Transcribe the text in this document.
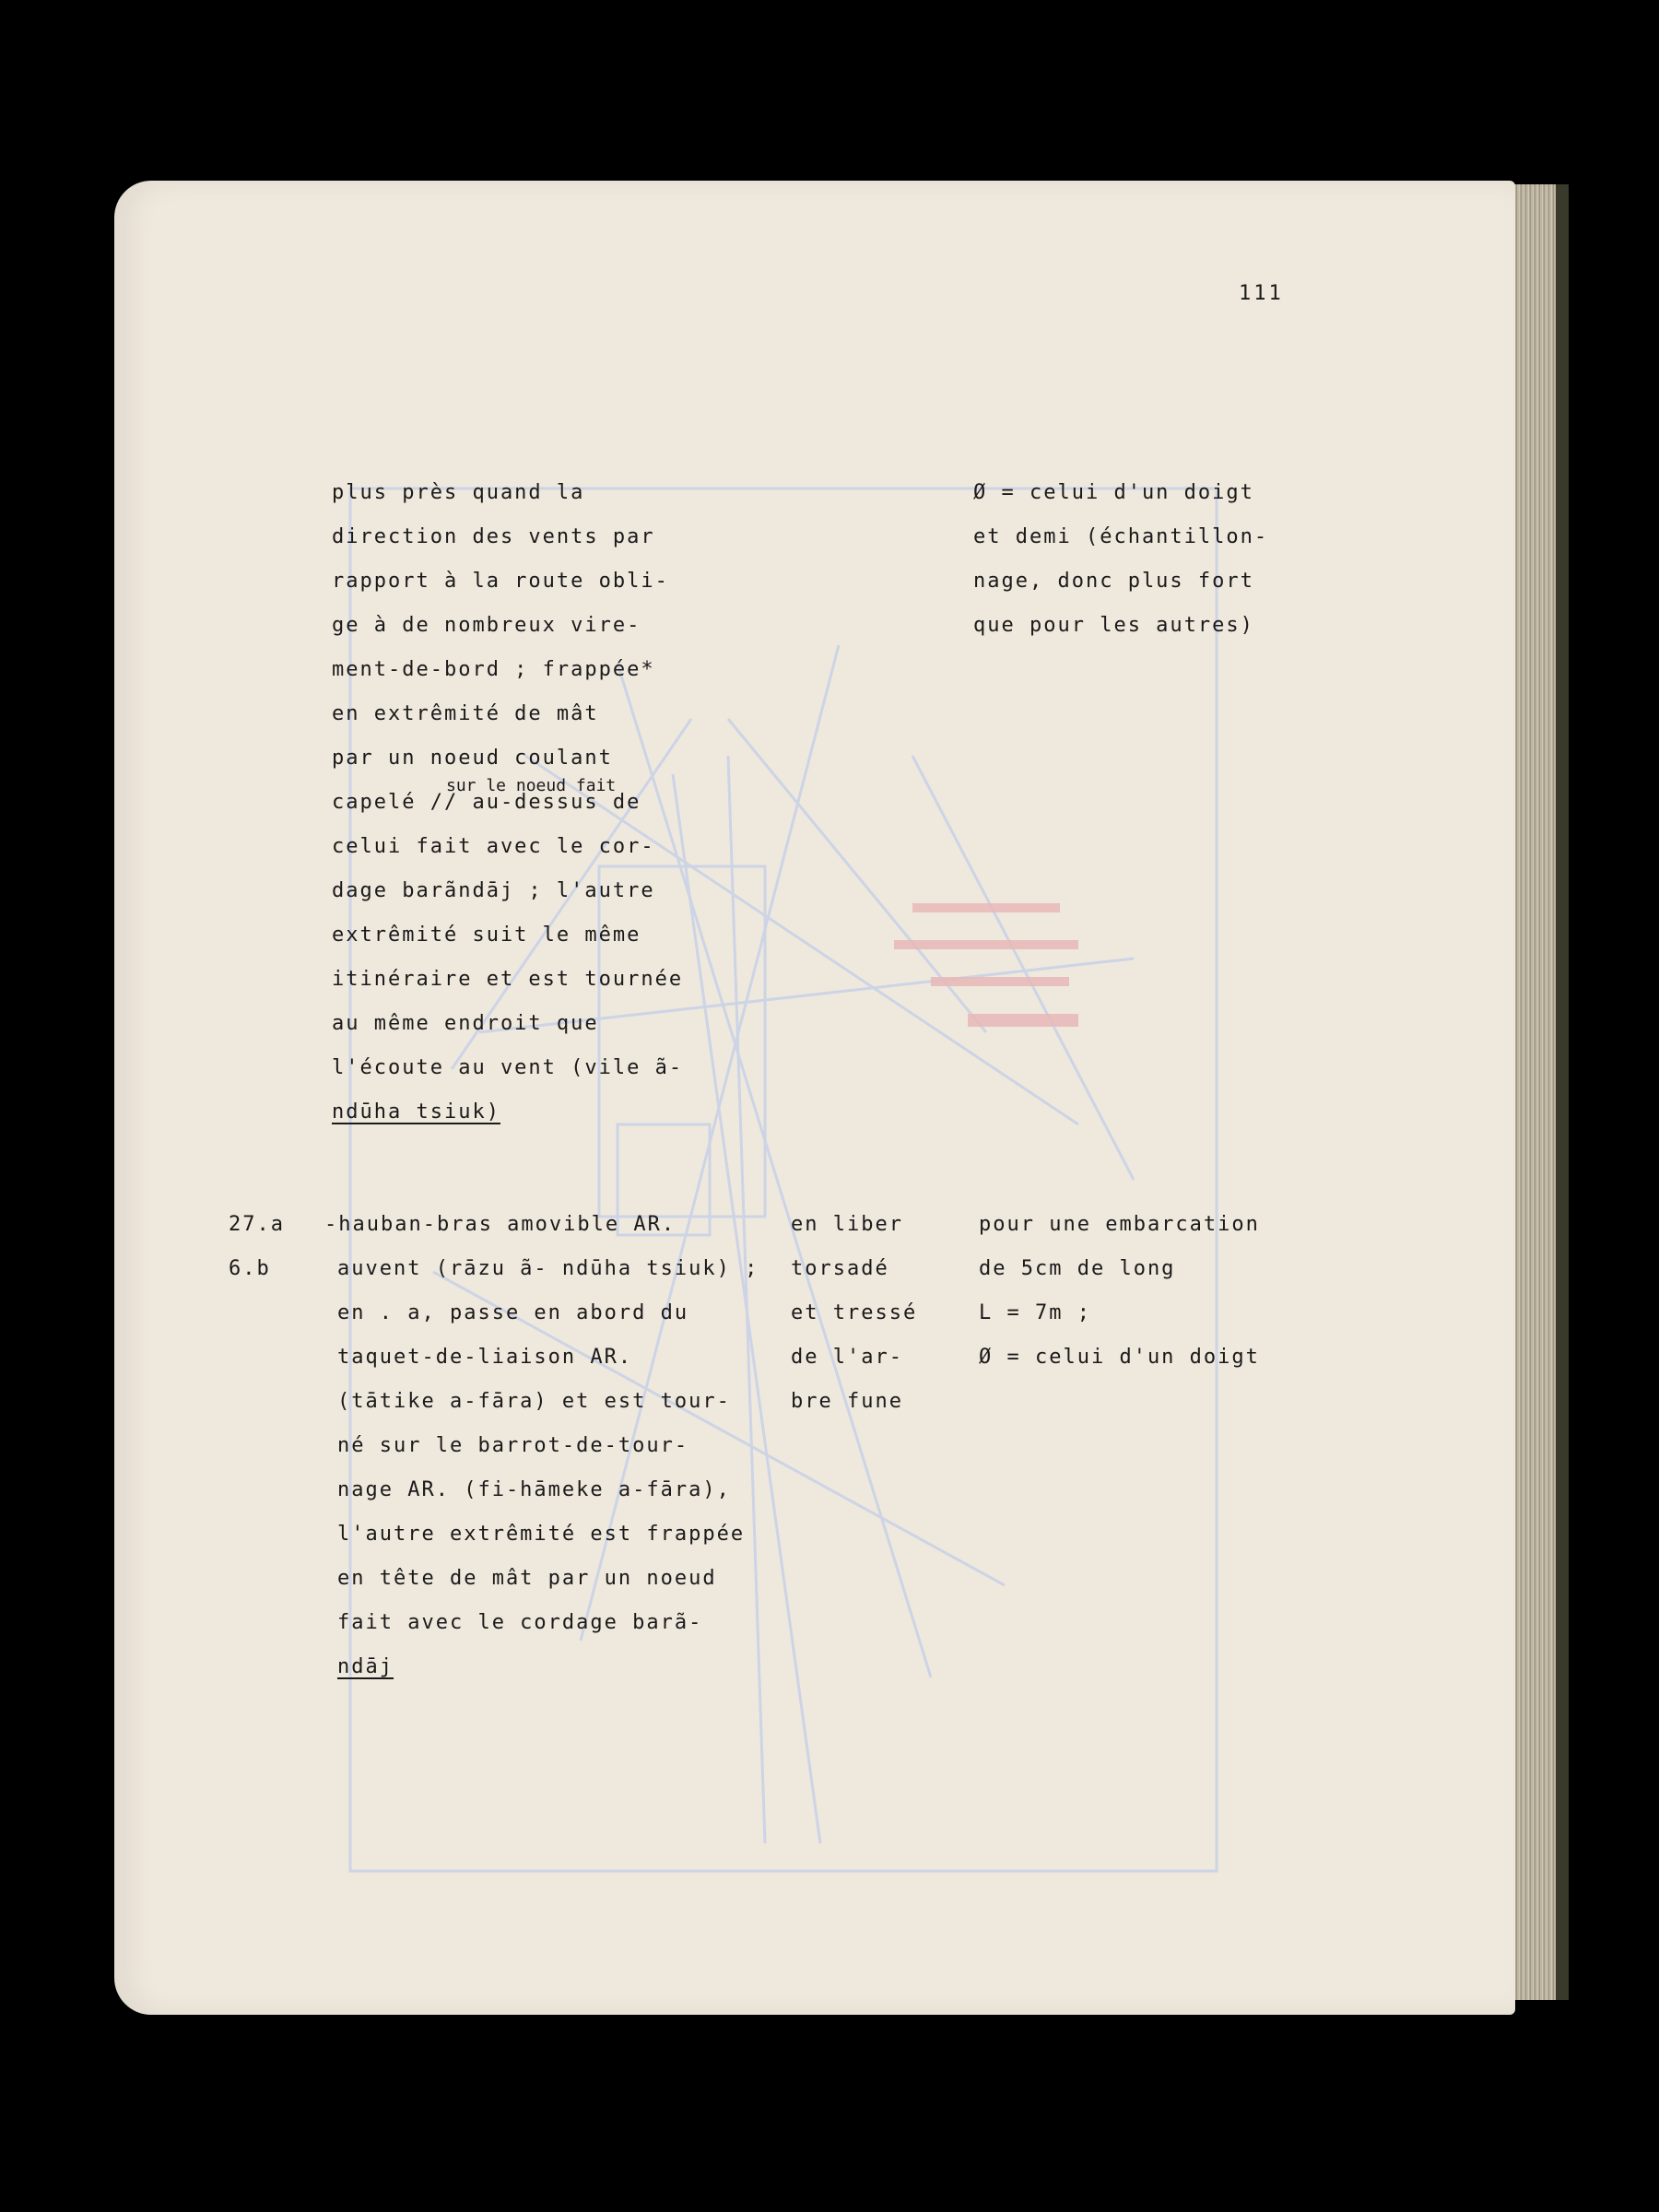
111

plus près quand la

direction des vents par

rapport à la route obli-

ge à de nombreux vire-

ment-de-bord ; frappée*

en extrêmité de mât

par un noeud coulant

sur le noeud fait

capelé // au-dessus de

celui fait avec le cor-

dage barãndāj ; l'autre

extrêmité suit le même

itinéraire et est tournée

au même endroit que

l'écoute au vent (vile ã-

ndūha tsiuk)

Ø = celui d'un doigt

et demi (échantillon-

nage, donc plus fort

que pour les autres)

27.a

6.b

-hauban-bras amovible AR.

auvent (rāzu ã- ndūha tsiuk) ;

en . a, passe en abord du

taquet-de-liaison AR.

(tātike a-fāra) et est tour-

né sur le barrot-de-tour-

nage AR. (fi-hāmeke a-fāra),

l'autre extrêmité est frappée

en tête de mât par un noeud

fait avec le cordage barã-

ndāj

en liber

torsadé

et tressé

de l'ar-

bre fune

pour une embarcation

de 5cm de long

L = 7m ;

Ø = celui d'un doigt
